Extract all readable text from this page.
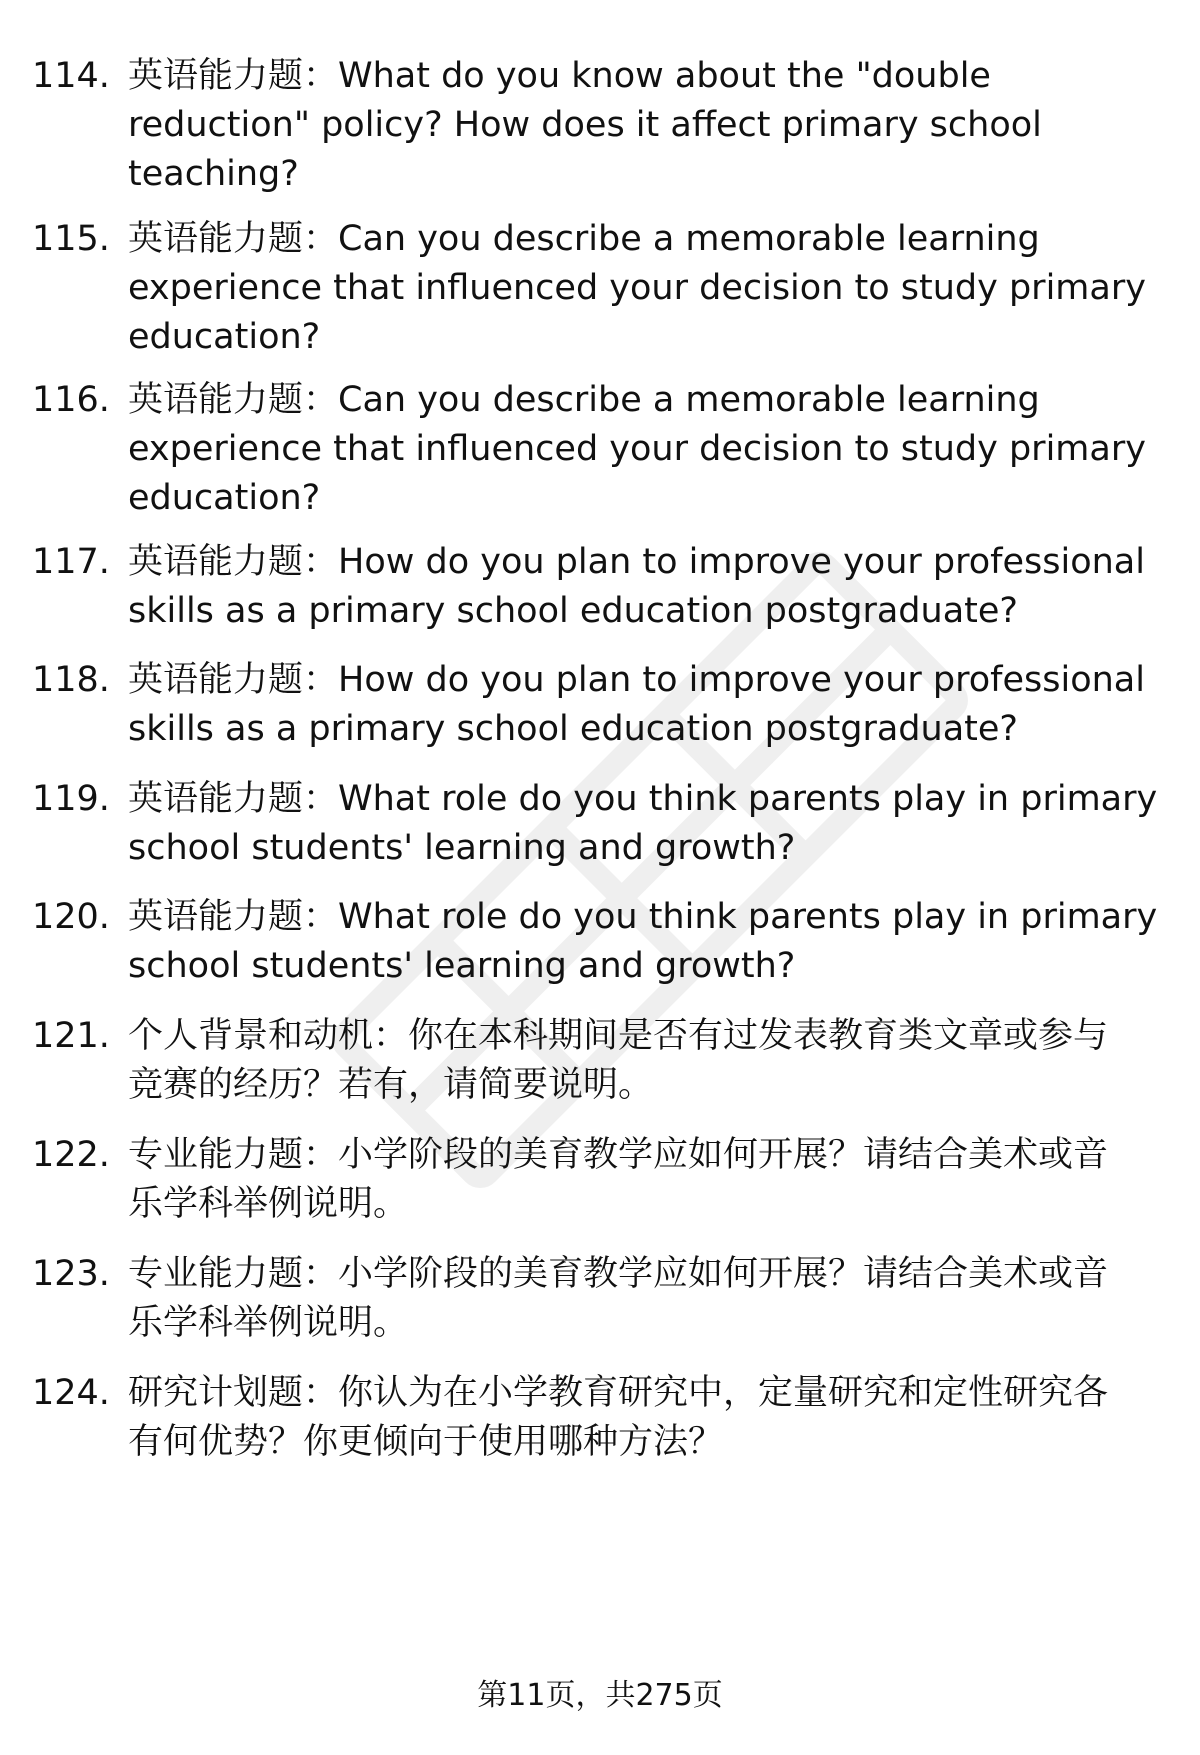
114. 英语能力题：What do you know about the "double
reduction" policy? How does it affect primary school
teaching?
115. 英语能力题：Can you describe a memorable learning
experience that influenced your decision to study primary
education?
116. 英语能力题：Can you describe a memorable learning
experience that influenced your decision to study primary
education?
117. 英语能力题：How do you plan to improve your professional
skills as a primary school education postgraduate?
118. 英语能力题：How do you plan to improve your professional
skills as a primary school education postgraduate?
119. 英语能力题：What role do you think parents play in primary
school students' learning and growth?
120. 英语能力题：What role do you think parents play in primary
school students' learning and growth?
121. 个人背景和动机：你在本科期间是否有过发表教育类文章或参与
竞赛的经历？若有，请简要说明。
122. 专业能力题：小学阶段的美育教学应如何开展？请结合美术或音
乐学科举例说明。
123. 专业能力题：小学阶段的美育教学应如何开展？请结合美术或音
乐学科举例说明。
124. 研究计划题：你认为在小学教育研究中，定量研究和定性研究各
有何优势？你更倾向于使用哪种方法？
第11页，共275页
